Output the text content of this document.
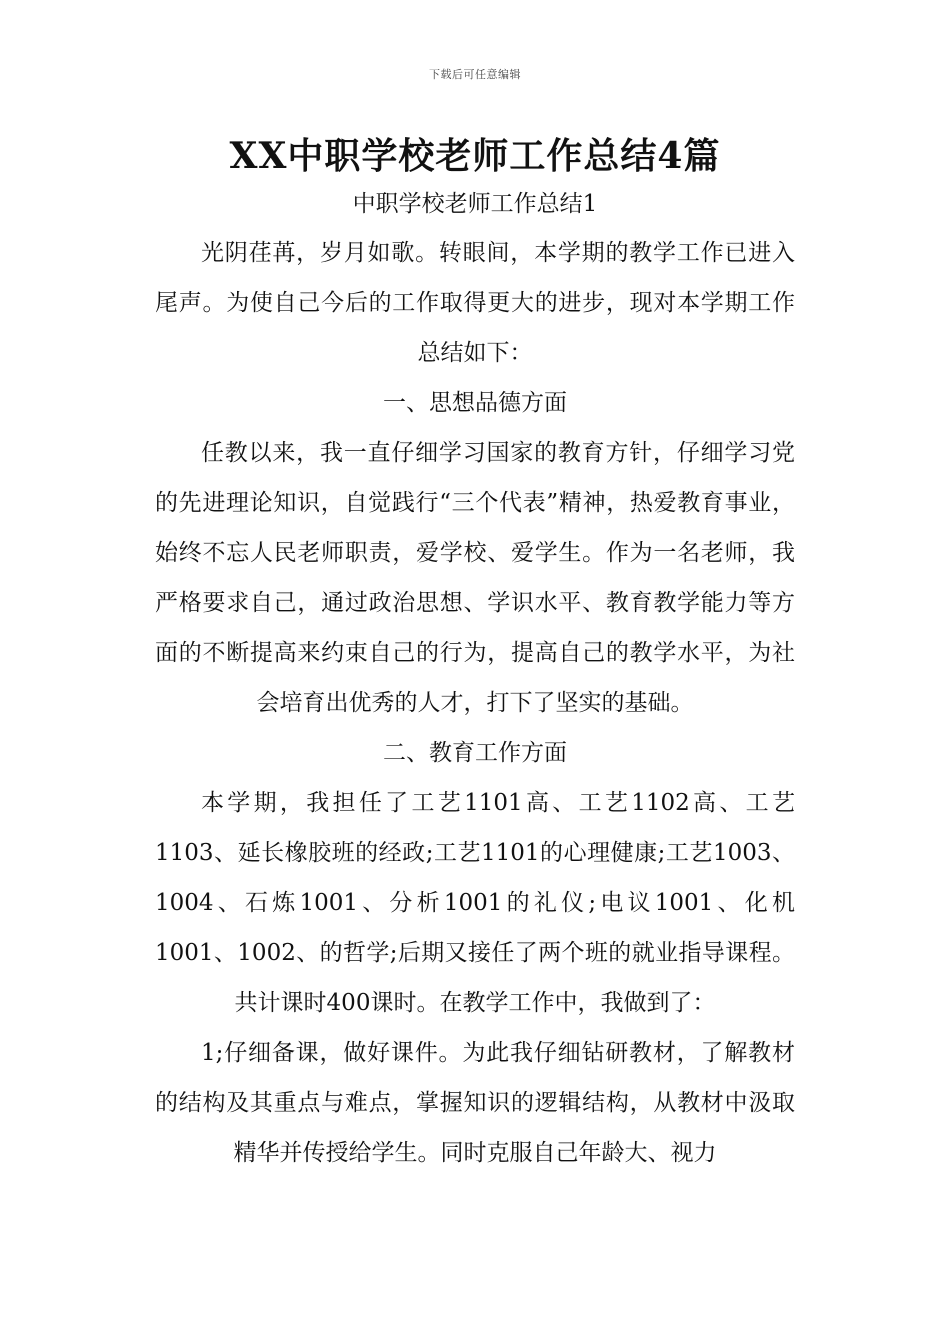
下载后可任意编辑
XX中职学校老师工作总结4篇
中职学校老师工作总结1

光阴荏苒，岁月如歌。转眼间，本学期的教学工作已进入尾声。为使自己今后的工作取得更大的进步，现对本学期工作总结如下：

一、思想品德方面

任教以来，我一直仔细学习国家的教育方针，仔细学习党的先进理论知识，自觉践行“三个代表”精神，热爱教育事业，始终不忘人民老师职责，爱学校、爱学生。作为一名老师，我严格要求自己，通过政治思想、学识水平、教育教学能力等方面的不断提高来约束自己的行为，提高自己的教学水平，为社会培育出优秀的人才，打下了坚实的基础。

二、教育工作方面

本学期，我担任了工艺1101高、工艺1102高、工艺1103、延长橡胶班的经政;工艺1101的心理健康;工艺1003、1004、石炼1001、分析1001的礼仪;电议1001、化机1001、1002、的哲学;后期又接任了两个班的就业指导课程。共计课时400课时。在教学工作中，我做到了：

1;仔细备课，做好课件。为此我仔细钻研教材，了解教材的结构及其重点与难点，掌握知识的逻辑结构，从教材中汲取精华并传授给学生。同时克服自己年龄大、视力
